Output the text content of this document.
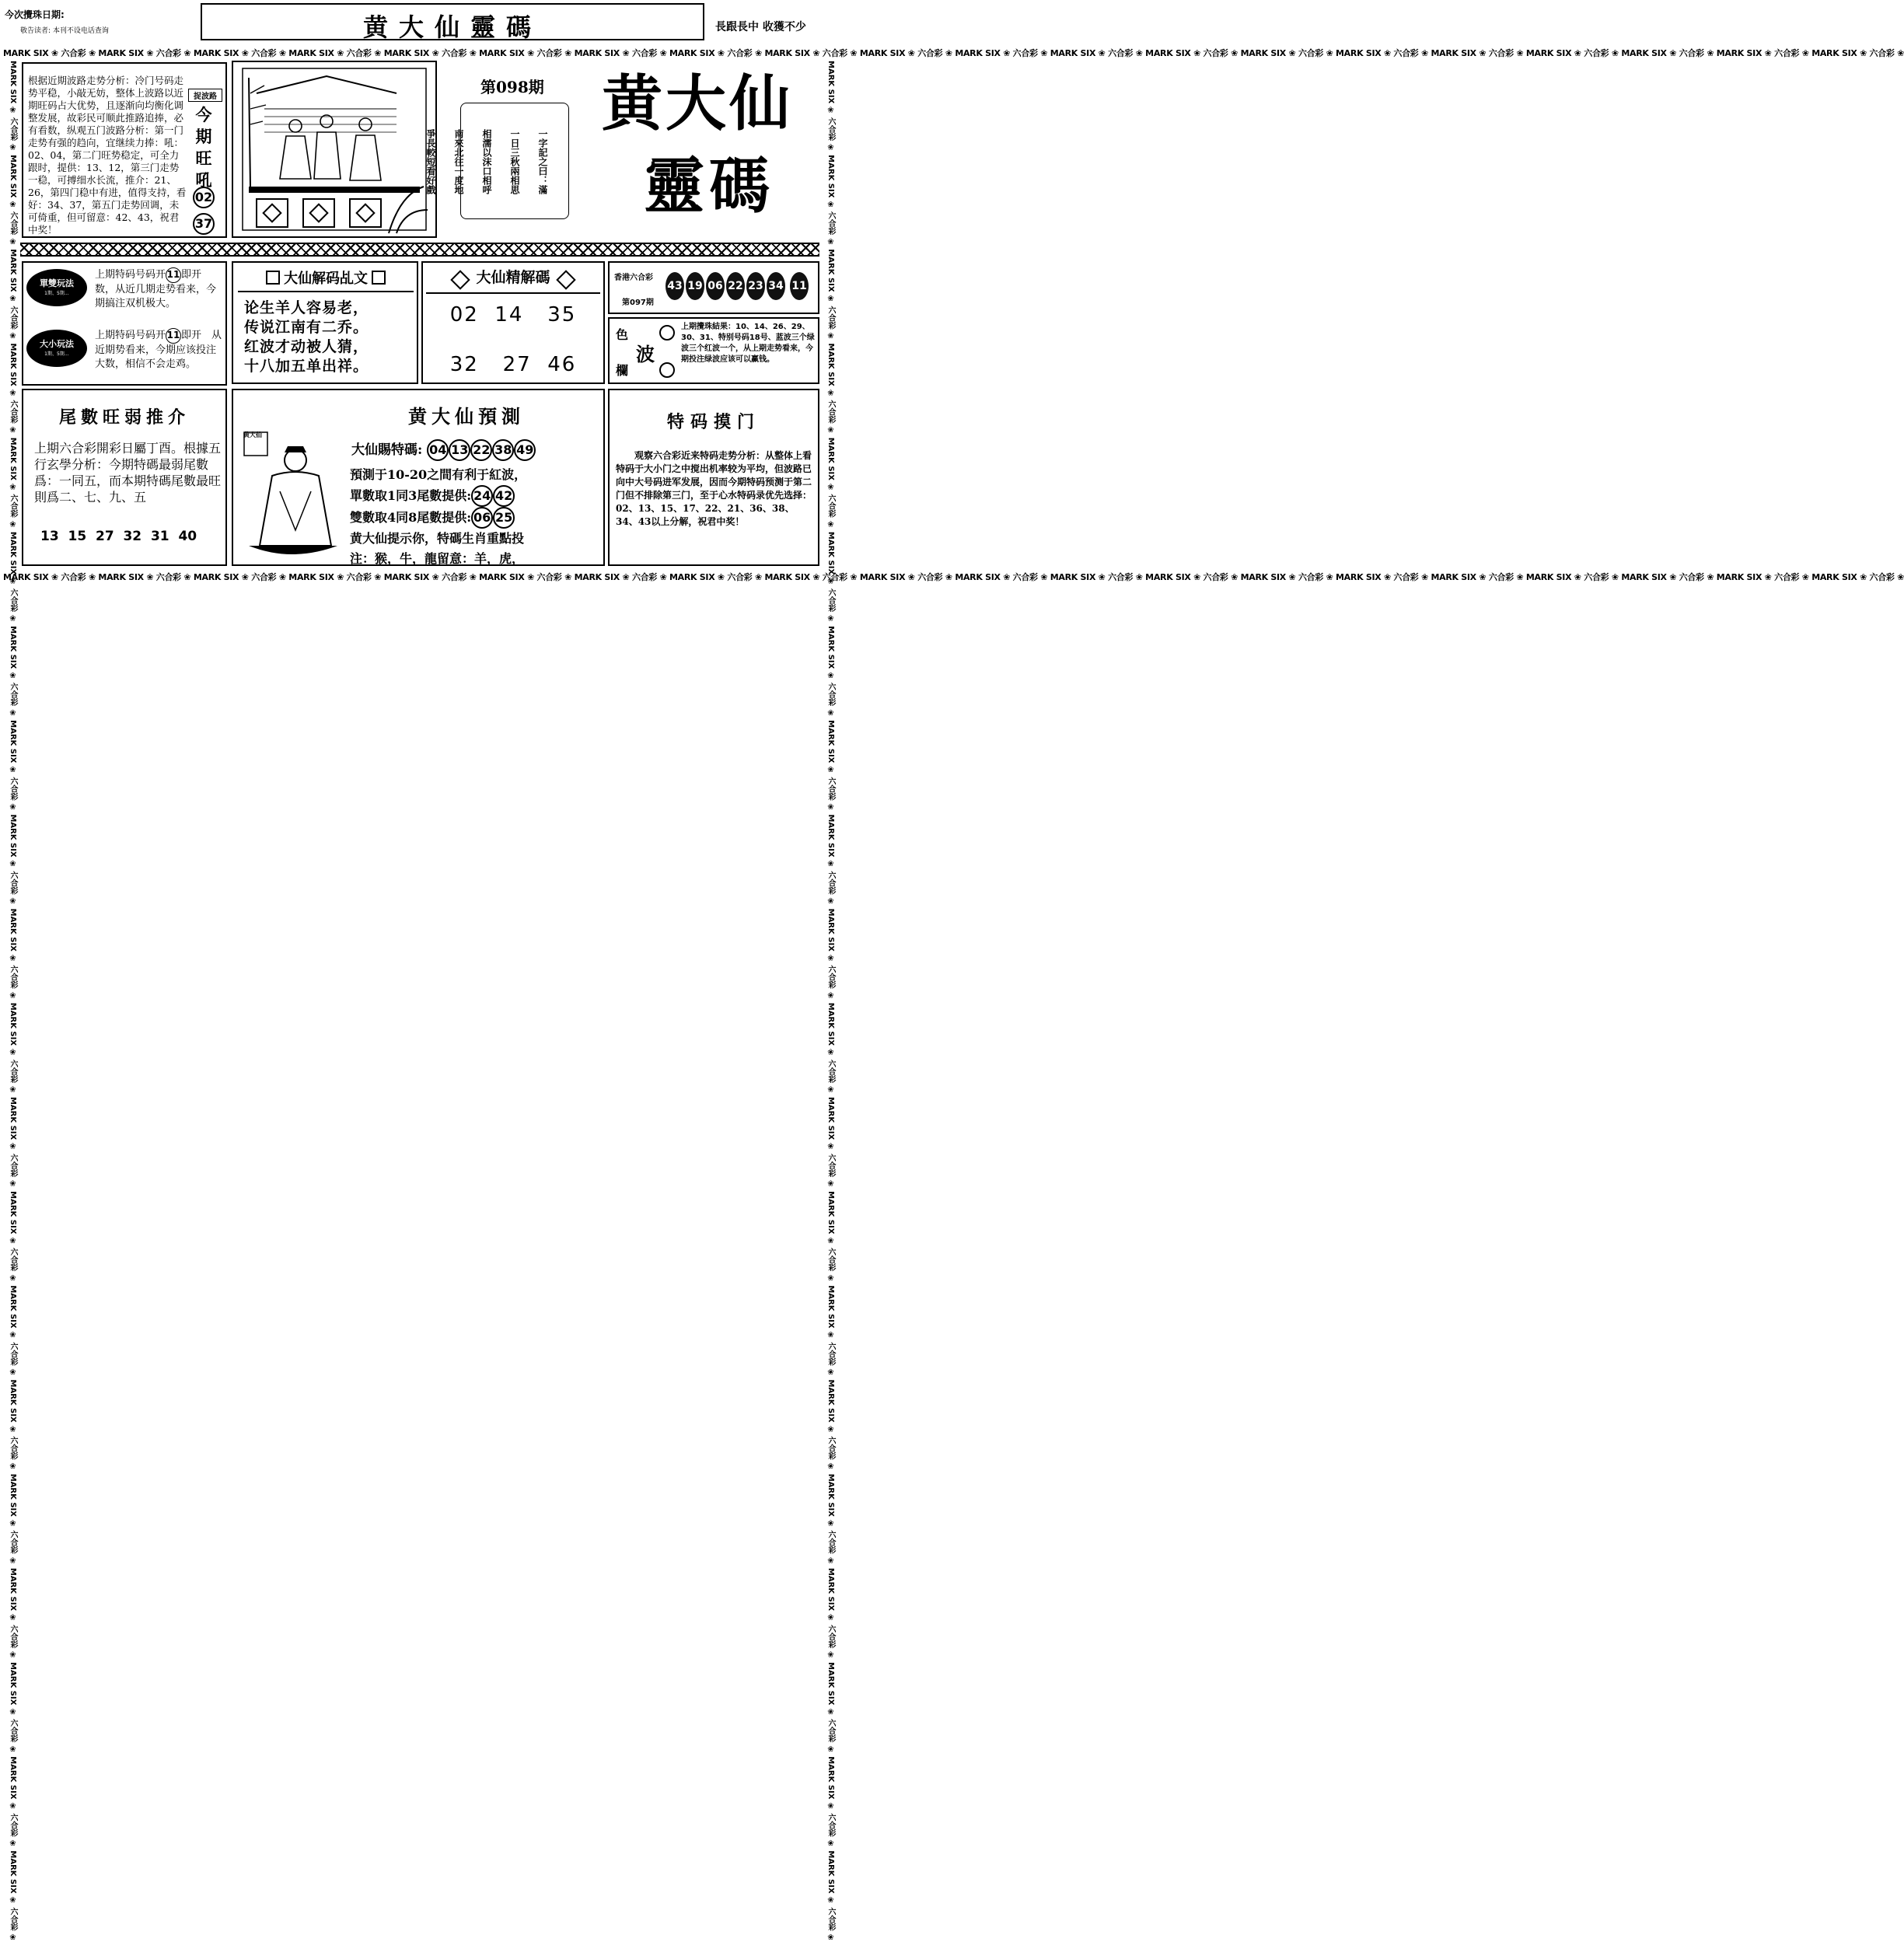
今次攪珠日期:
敬告读者: 本刊不设电话查询	黄大仙靈碼	長跟長中 收獲不少
MARK SIX ❀ 六合彩 ❀ MARK SIX ❀ 六合彩 ❀ MARK SIX ❀ 六合彩 ❀ MARK SIX ❀ 六合彩 ❀ MARK SIX ❀ 六合彩 ❀ MARK SIX ❀ 六合彩 ❀ MARK SIX ❀ 六合彩 ❀ MARK SIX ❀ 六合彩 ❀ MARK SIX ❀ 六合彩 ❀ MARK SIX ❀ 六合彩 ❀ MARK SIX ❀ 六合彩 ❀ MARK SIX ❀ 六合彩 ❀ MARK SIX ❀ 六合彩 ❀ MARK SIX ❀ 六合彩 ❀ MARK SIX ❀ 六合彩 ❀ MARK SIX ❀ 六合彩 ❀ MARK SIX ❀ 六合彩 ❀ MARK SIX ❀ 六合彩 ❀ MARK SIX ❀ 六合彩 ❀ MARK SIX ❀ 六合彩 ❀
MARK SIX ❀ 六合彩 ❀ MARK SIX ❀ 六合彩 ❀ MARK SIX ❀ 六合彩 ❀ MARK SIX ❀ 六合彩 ❀ MARK SIX ❀ 六合彩 ❀ MARK SIX ❀ 六合彩 ❀ MARK SIX ❀ 六合彩 ❀ MARK SIX ❀ 六合彩 ❀ MARK SIX ❀ 六合彩 ❀ MARK SIX ❀ 六合彩 ❀ MARK SIX ❀ 六合彩 ❀ MARK SIX ❀ 六合彩 ❀ MARK SIX ❀ 六合彩 ❀ MARK SIX ❀ 六合彩 ❀ MARK SIX ❀ 六合彩 ❀ MARK SIX ❀ 六合彩 ❀ MARK SIX ❀ 六合彩 ❀ MARK SIX ❀ 六合彩 ❀ MARK SIX ❀ 六合彩 ❀ MARK SIX ❀ 六合彩 ❀
MARK SIX ❀ 六合彩 ❀ MARK SIX ❀ 六合彩 ❀ MARK SIX ❀ 六合彩 ❀ MARK SIX ❀ 六合彩 ❀ MARK SIX ❀ 六合彩 ❀ MARK SIX ❀ 六合彩 ❀ MARK SIX ❀ 六合彩 ❀ MARK SIX ❀ 六合彩 ❀ MARK SIX ❀ 六合彩 ❀ MARK SIX ❀ 六合彩 ❀ MARK SIX ❀ 六合彩 ❀ MARK SIX ❀ 六合彩 ❀ MARK SIX ❀ 六合彩 ❀ MARK SIX ❀ 六合彩 ❀ MARK SIX ❀ 六合彩 ❀ MARK SIX ❀ 六合彩 ❀ MARK SIX ❀ 六合彩 ❀ MARK SIX ❀ 六合彩 ❀ MARK SIX ❀ 六合彩 ❀ MARK SIX ❀ 六合彩 ❀	MARK SIX ❀ 六合彩 ❀ MARK SIX ❀ 六合彩 ❀ MARK SIX ❀ 六合彩 ❀ MARK SIX ❀ 六合彩 ❀ MARK SIX ❀ 六合彩 ❀ MARK SIX ❀ 六合彩 ❀ MARK SIX ❀ 六合彩 ❀ MARK SIX ❀ 六合彩 ❀ MARK SIX ❀ 六合彩 ❀ MARK SIX ❀ 六合彩 ❀ MARK SIX ❀ 六合彩 ❀ MARK SIX ❀ 六合彩 ❀ MARK SIX ❀ 六合彩 ❀ MARK SIX ❀ 六合彩 ❀ MARK SIX ❀ 六合彩 ❀ MARK SIX ❀ 六合彩 ❀ MARK SIX ❀ 六合彩 ❀ MARK SIX ❀ 六合彩 ❀ MARK SIX ❀ 六合彩 ❀ MARK SIX ❀ 六合彩 ❀
根据近期波路走势分析：冷门号码走势平稳，小敲无妨，整体上波路以近期旺码占大优势，且逐渐向均衡化调整发展，故彩民可顺此推路追捧，必有看数，纵观五门波路分析：第一门走势有强的趋向，宜继续力捧：吼：02、04，第二门旺势稳定，可全力跟时，提供：13、12，第三门走势一稳，可搏细水长流，推介：21、26，第四门稳中有进，值得支持，看好：34、37，第五门走势回调，未可倚重，但可留意：42、43，祝君中奖！
捉波路
今期旺吼
02
37
第098期

一字記之曰：滿

一日三秋兩相思

相濡以沫口相呼

南來北往一度地

爭長較短看好戲

黄大仙
靈碼
單雙玩法
1期、5期…
上期特码号码开 11 即开　数，从近几期走势看来，今期搞注双机极大。
大小玩法
1期、5期…
上期特码号码开 11 即开　从近期势看来，今期应该投注大数，相信不会走鸡。
大仙解码乩文
论生羊人容易老，
传说江南有二乔。
红波才动被人猜，
十八加五单出祥。
大仙精解碼
02 14 35
32 27 46
香港六合彩
第097期
43 19 06 22 23 34 11
色
波
欄
上期攪珠結果：10、14、26、29、30、31、特别号码18号、蓝波三个绿波三个红波一个，从上期走势看来，今期投注绿波应该可以赢钱。
尾數旺弱推介
上期六合彩開彩日屬丁酉。根據五行玄學分析：今期特碼最弱尾數爲：一同五，而本期特碼尾數最旺則爲二、七、九、五
13  15  27  32  31  40
黄大仙預測
黄大仙
大仙賜特碼: 04 13 22 38 49
預測于10-20之間有利于紅波，
單數取1同3尾數提供: 24 42
雙數取4同8尾數提供: 06 25
黄大仙提示你，特碼生肖重點投
注：猴，牛，龍留意：羊，虎，
特码摸门
观察六合彩近来特码走势分析：从整体上看特码于大小门之中搅出机率较为平均，但波路已向中大号码进军发展，因而今期特码预测于第二门但不排除第三门，至于心水特码录优先选择：02、13、15、17、22、21、36、38、34、43以上分解，祝君中奖！
